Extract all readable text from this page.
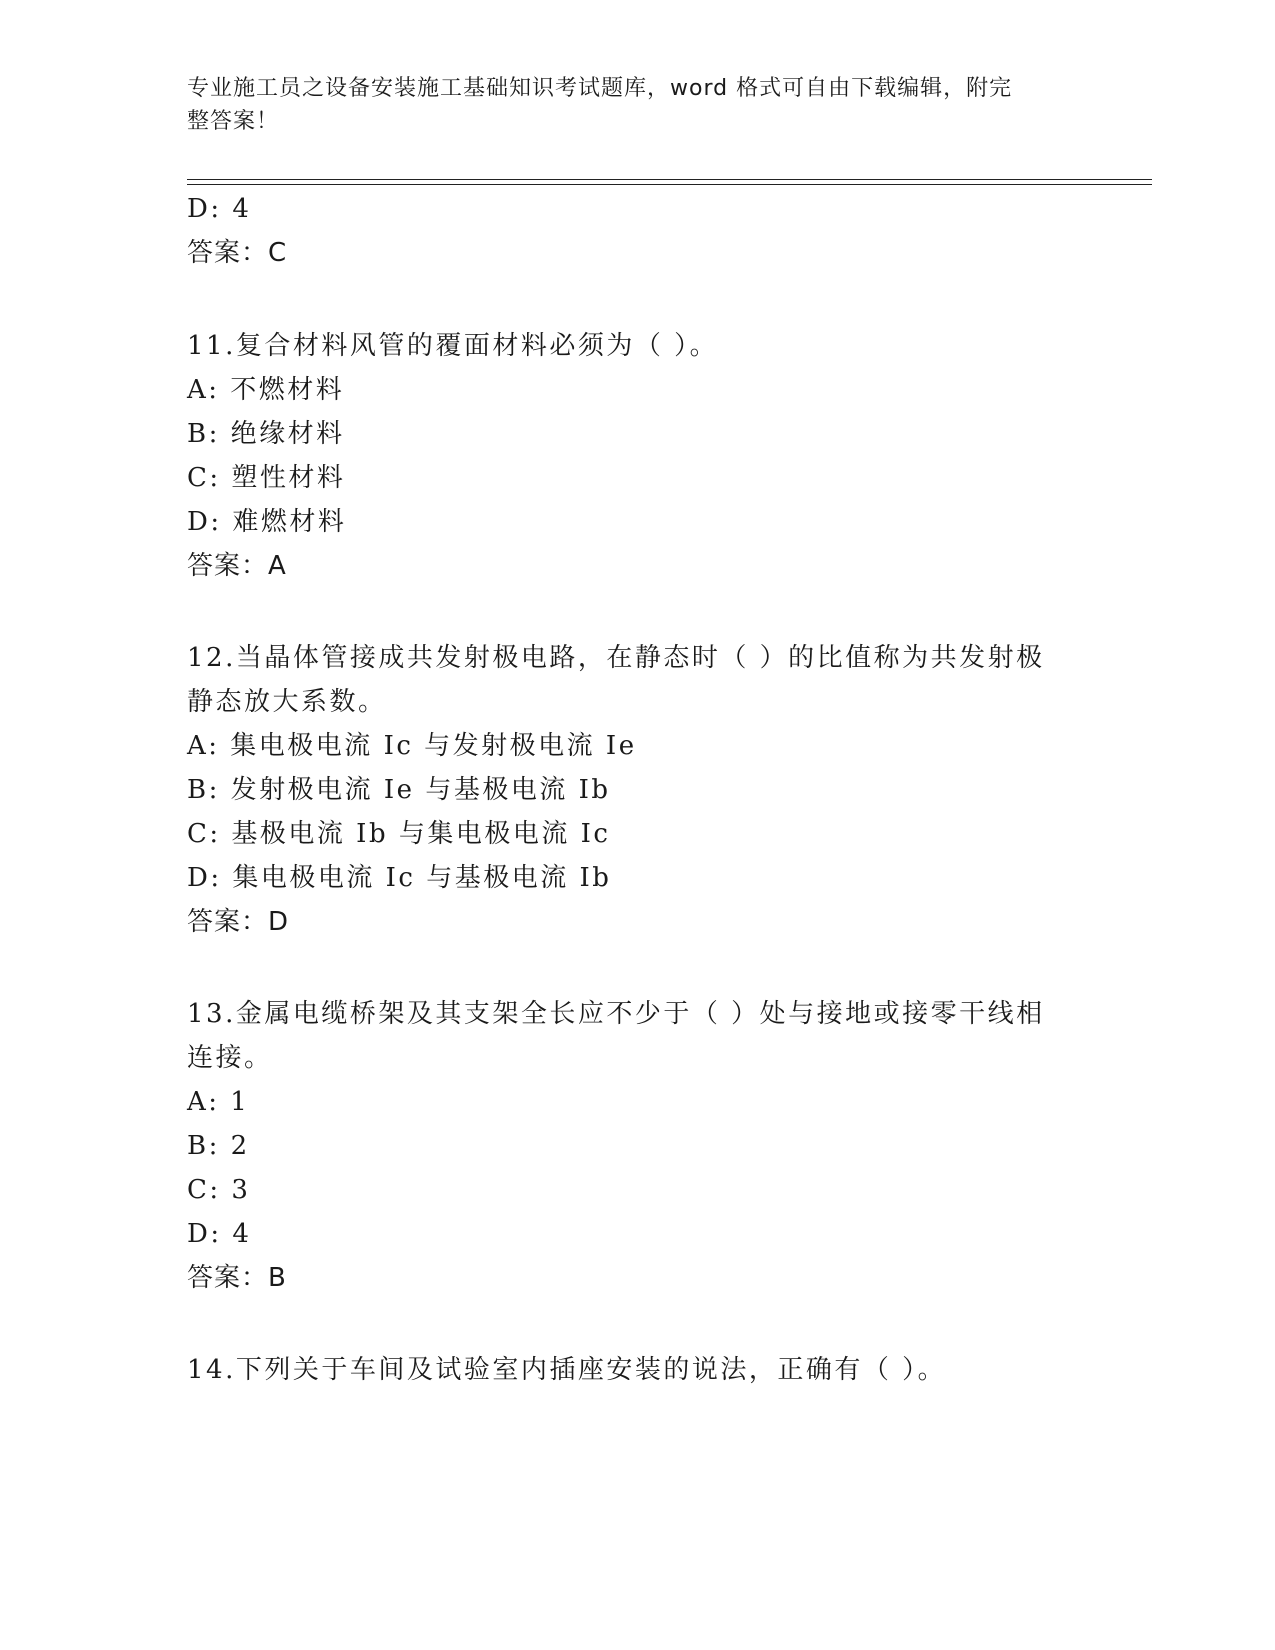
专业施工员之设备安装施工基础知识考试题库，word 格式可自由下载编辑，附完
整答案！
D: 4
答案：C
11.复合材料风管的覆面材料必须为（ ）。
A: 不燃材料
B: 绝缘材料
C: 塑性材料
D: 难燃材料
答案：A
12.当晶体管接成共发射极电路，在静态时（ ）的比值称为共发射极
静态放大系数。
A: 集电极电流 Ic 与发射极电流 Ie
B: 发射极电流 Ie 与基极电流 Ib
C: 基极电流 Ib 与集电极电流 Ic
D: 集电极电流 Ic 与基极电流 Ib
答案：D
13.金属电缆桥架及其支架全长应不少于（ ）处与接地或接零干线相
连接。
A: 1
B: 2
C: 3
D: 4
答案：B
14.下列关于车间及试验室内插座安装的说法，正确有（ ）。
